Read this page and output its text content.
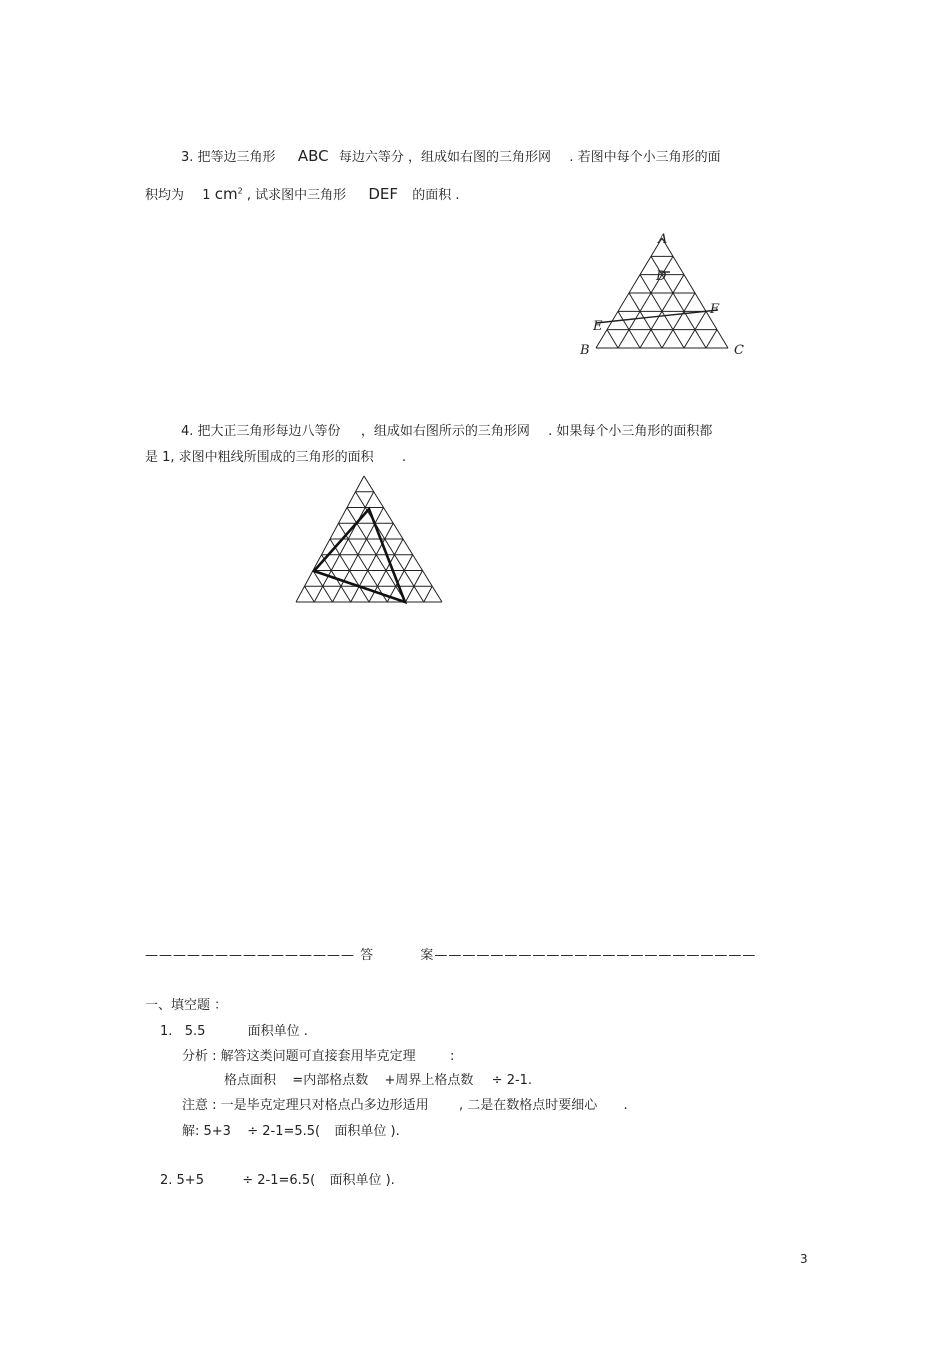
3. 把等边三角形 ABC 每边六等分 ，组成如右图的三角形网 . 若图中每个小三角形的面
积均为 1 $cm^2$ , 试求图中三角形 DEF 的面积 .
A
D
F
E
B	C
4. 把大正三角形每边八等份 ，组成如右图所示的三角形网 . 如果每个小三角形的面积都
是 1, 求图中粗线所围成的三角形的面积 .
——————————————— 答	案———————————————————————
一、填空题 ：
1. 5.5	面积单位 .
分析 : 解答这类问题可直接套用毕克定理	:
格点面积 =内部格点数 +周界上格点数 ÷ 2-1.
注意 : 一是毕克定理只对格点凸多边形适用 , 二是在数格点时要细心 .
解: 5+3 ÷ 2-1=5.5( 面积单位 ).
2. 5+5	÷ 2-1=6.5( 面积单位 ).
3
